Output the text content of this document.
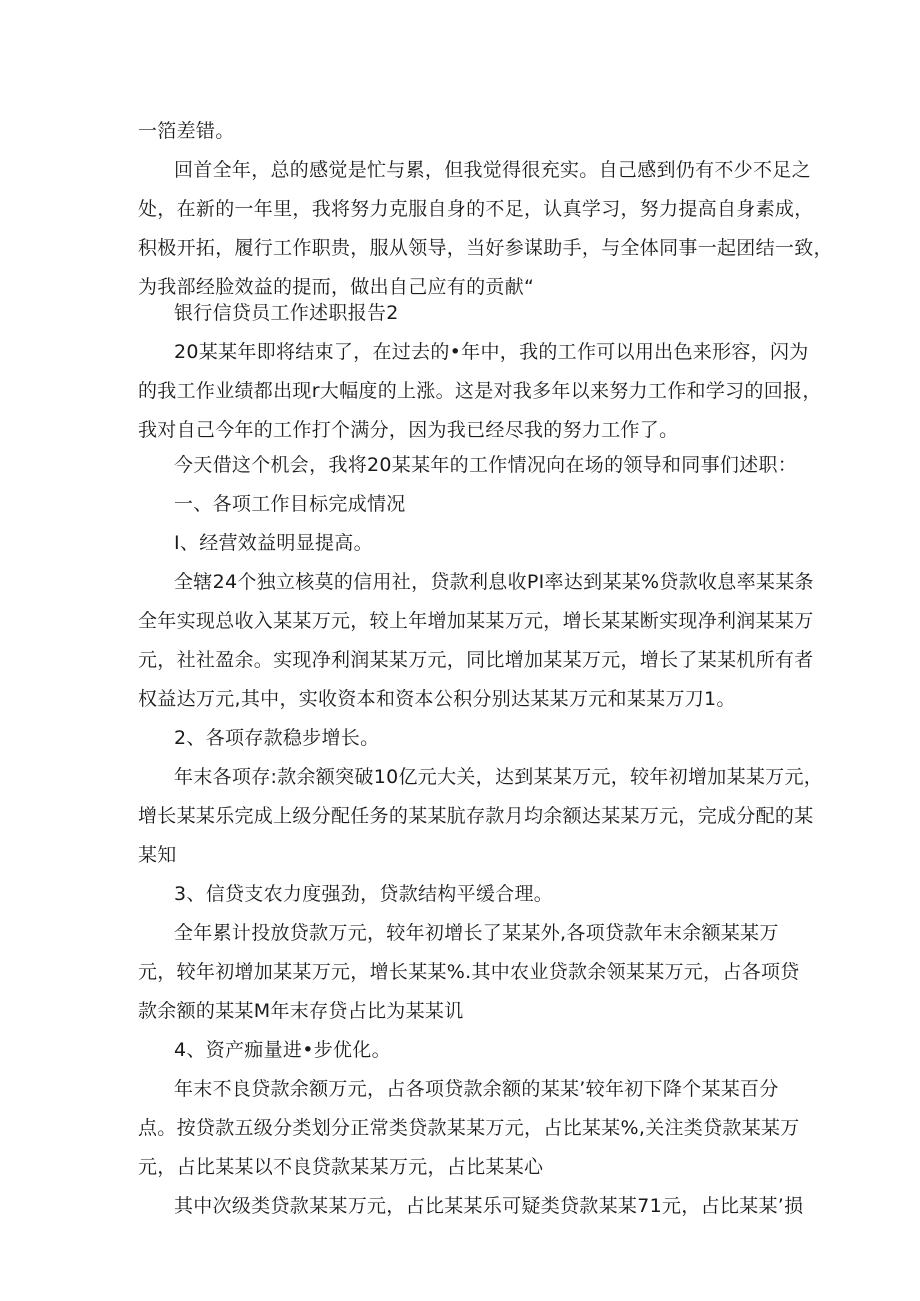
一箔差错。
回首全年，总的感觉是忙与累，但我觉得很充实。自己感到仍有不少不足之
处，在新的一年里，我将努力克服自身的不足，认真学习，努力提高自身素成，
积极开拓，履行工作职贵，服从领导，当好参谋助手，与全体同事一起团结一致，
为我部经脸效益的提而，做出自己应有的贡献“
银行信贷员工作述职报告2
20某某年即将结束了，在过去的•年中，我的工作可以用出色来形容，闪为
的我工作业绩都出现r大幅度的上涨。这是对我多年以来努力工作和学习的回报，
我对自己今年的工作打个满分，因为我已经尽我的努力工作了。
今天借这个机会，我将20某某年的工作情况向在场的领导和同事们述职：
一、各项工作目标完成情况
I、经营效益明显提高。
全辖24个独立核莫的信用社，贷款利息收PI率达到某某%贷款收息率某某条
全年实现总收入某某万元，较上年增加某某万元，增长某某断实现净利润某某万
元，社社盈余。实现净利润某某万元，同比增加某某万元，增长了某某机所有者
权益达万元,其中，实收资本和资本公积分别达某某万元和某某万刀1。
2、各项存款稳步增长。
年末各项存:款余额突破10亿元大关，达到某某万元，较年初增加某某万元，
增长某某乐完成上级分配任务的某某肮存款月均余额达某某万元，完成分配的某
某知
3、信贷支农力度强劲，贷款结构平缓合理。
全年累计投放贷款万元，较年初增长了某某外,各项贷款年末余额某某万
元，较年初增加某某万元，增长某某%.其中农业贷款余领某某万元，占各项贷
款余额的某某M年末存贷占比为某某讥
4、资产痂量进•步优化。
年末不良贷款余额万元，占各项贷款余额的某某’较年初下降个某某百分
点。按贷款五级分类划分正常类贷款某某万元，占比某某%,关注类贷款某某万
元，占比某某以不良贷款某某万元，占比某某心
其中次级类贷款某某万元，占比某某乐可疑类贷款某某71元，占比某某’损
